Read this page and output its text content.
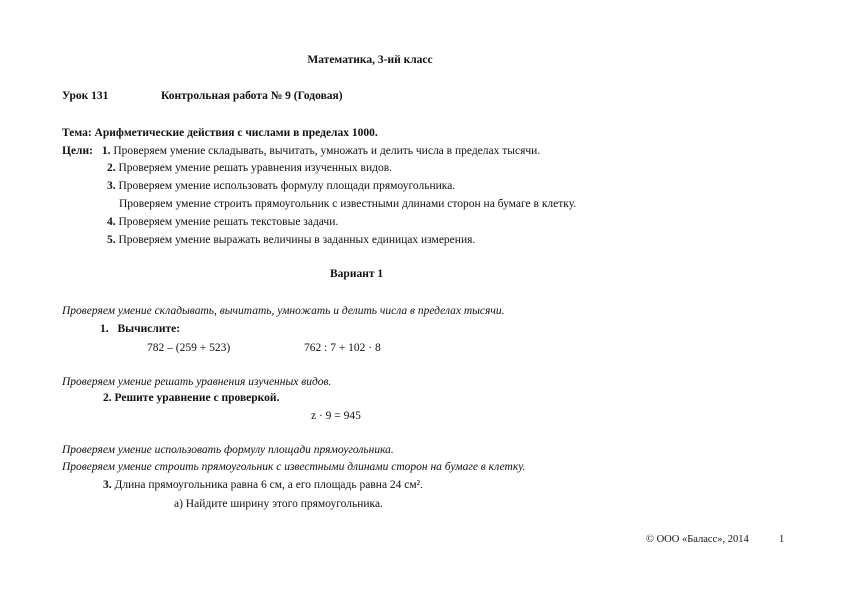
Математика, 3-ий класс
Урок 131	Контрольная работа № 9 (Годовая)
Тема: Арифметические действия с числами в пределах 1000.
Цели: 1. Проверяем умение складывать, вычитать, умножать и делить числа в пределах тысячи.
2. Проверяем умение решать уравнения изученных видов.
3. Проверяем умение использовать формулу площади прямоугольника.
Проверяем умение строить прямоугольник с известными длинами сторон на бумаге в клетку.
4. Проверяем умение решать текстовые задачи.
5. Проверяем умение выражать величины в заданных единицах измерения.
Вариант 1
Проверяем умение складывать, вычитать, умножать и делить числа в пределах тысячи.
1. Вычислите:
782 – (259 + 523)	762 : 7 + 102 · 8
Проверяем умение решать уравнения изученных видов.
2. Решите уравнение с проверкой.
z · 9 = 945
Проверяем умение использовать формулу площади прямоугольника.
Проверяем умение строить прямоугольник с известными длинами сторон на бумаге в клетку.
3. Длина прямоугольника равна 6 см, а его площадь равна 24 см².
а) Найдите ширину этого прямоугольника.
© ООО «Баласс», 2014	1
